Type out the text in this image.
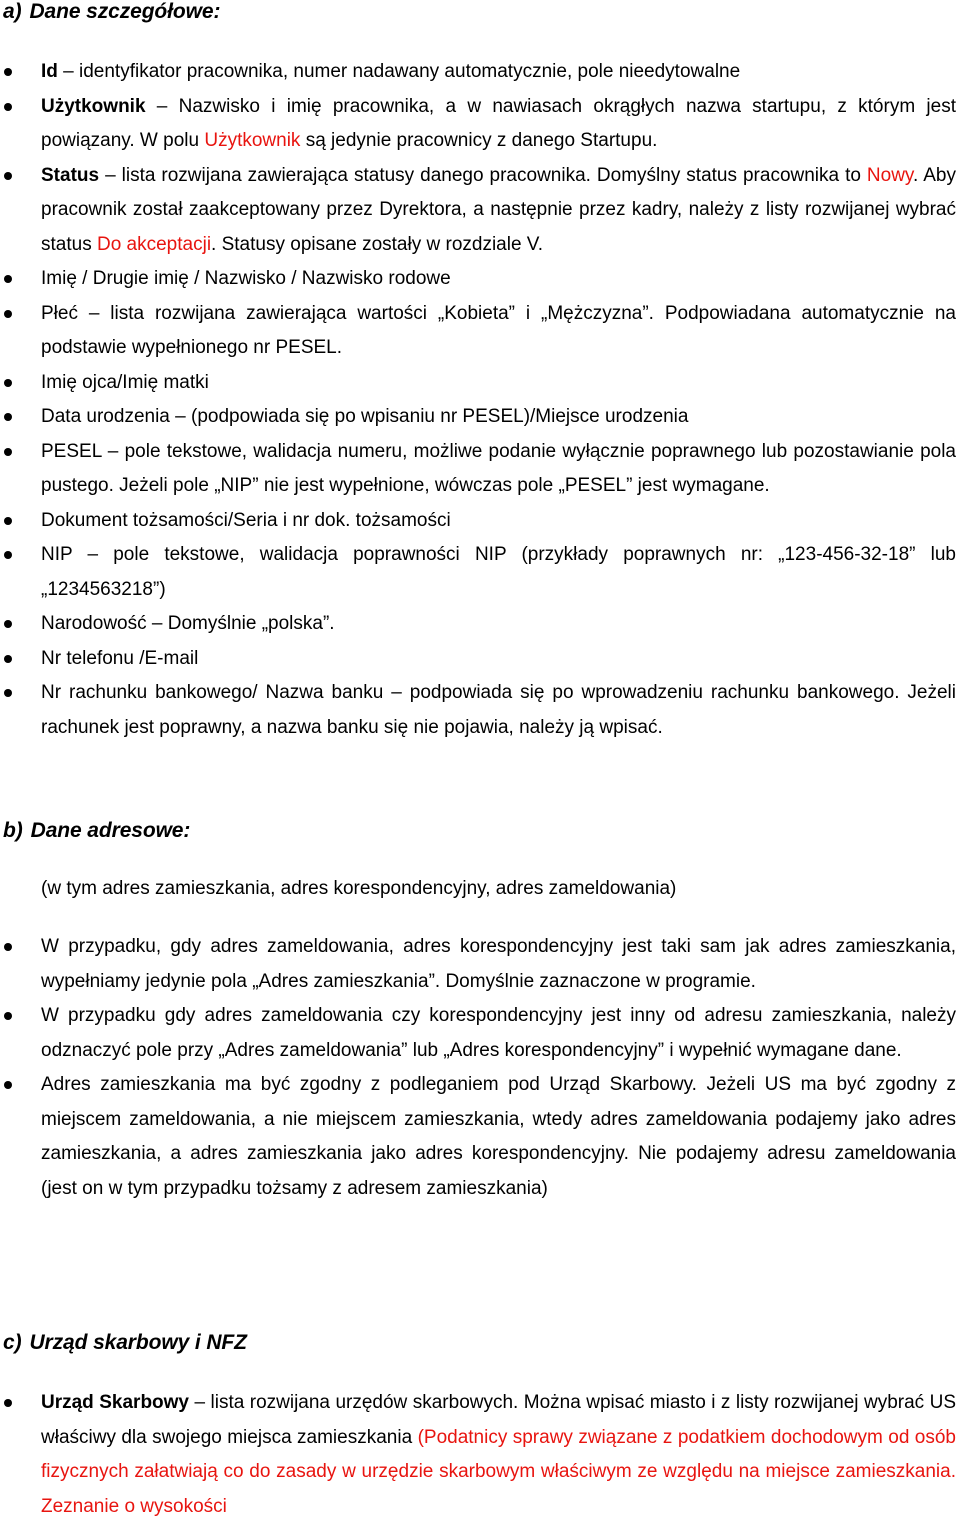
a) Dane szczegółowe:
Id – identyfikator pracownika, numer nadawany automatycznie, pole nieedytowalne
Użytkownik – Nazwisko i imię pracownika, a w nawiasach okrągłych nazwa startupu, z którym jest powiązany. W polu Użytkownik są jedynie pracownicy z danego Startupu.
Status – lista rozwijana zawierająca statusy danego pracownika. Domyślny status pracownika to Nowy. Aby pracownik został zaakceptowany przez Dyrektora, a następnie przez kadry, należy z listy rozwijanej wybrać status Do akceptacji. Statusy opisane zostały w rozdziale V.
Imię / Drugie imię / Nazwisko / Nazwisko rodowe
Płeć – lista rozwijana zawierająca wartości „Kobieta” i „Mężczyzna”. Podpowiadana automatycznie na podstawie wypełnionego nr PESEL.
Imię ojca/Imię matki
Data urodzenia – (podpowiada się po wpisaniu nr PESEL)/Miejsce urodzenia
PESEL – pole tekstowe, walidacja numeru, możliwe podanie wyłącznie poprawnego lub pozostawianie pola pustego. Jeżeli pole „NIP” nie jest wypełnione, wówczas pole „PESEL” jest wymagane.
Dokument tożsamości/Seria i nr dok. tożsamości
NIP – pole tekstowe, walidacja poprawności NIP (przykłady poprawnych nr: „123-456-32-18” lub „1234563218”)
Narodowość – Domyślnie „polska”.
Nr telefonu /E-mail
Nr rachunku bankowego/ Nazwa banku – podpowiada się po wprowadzeniu rachunku bankowego. Jeżeli rachunek jest poprawny, a nazwa banku się nie pojawia, należy ją wpisać.
b) Dane adresowe:
(w tym adres zamieszkania, adres korespondencyjny, adres zameldowania)
W przypadku, gdy adres zameldowania, adres korespondencyjny jest taki sam jak adres zamieszkania, wypełniamy jedynie pola „Adres zamieszkania”. Domyślnie zaznaczone w programie.
W przypadku gdy adres zameldowania czy korespondencyjny jest inny od adresu zamieszkania, należy odznaczyć pole przy „Adres zameldowania” lub „Adres korespondencyjny” i wypełnić wymagane dane.
Adres zamieszkania ma być zgodny z podleganiem pod Urząd Skarbowy. Jeżeli US ma być zgodny z miejscem zameldowania, a nie miejscem zamieszkania, wtedy adres zameldowania podajemy jako adres zamieszkania, a adres zamieszkania jako adres korespondencyjny. Nie podajemy adresu zameldowania (jest on w tym przypadku tożsamy z adresem zamieszkania)
c) Urząd skarbowy i NFZ
Urząd Skarbowy – lista rozwijana urzędów skarbowych. Można wpisać miasto i z listy rozwijanej wybrać US właściwy dla swojego miejsca zamieszkania (Podatnicy sprawy związane z podatkiem dochodowym od osób fizycznych załatwiają co do zasady w urzędzie skarbowym właściwym ze względu na miejsce zamieszkania. Zeznanie o wysokości
